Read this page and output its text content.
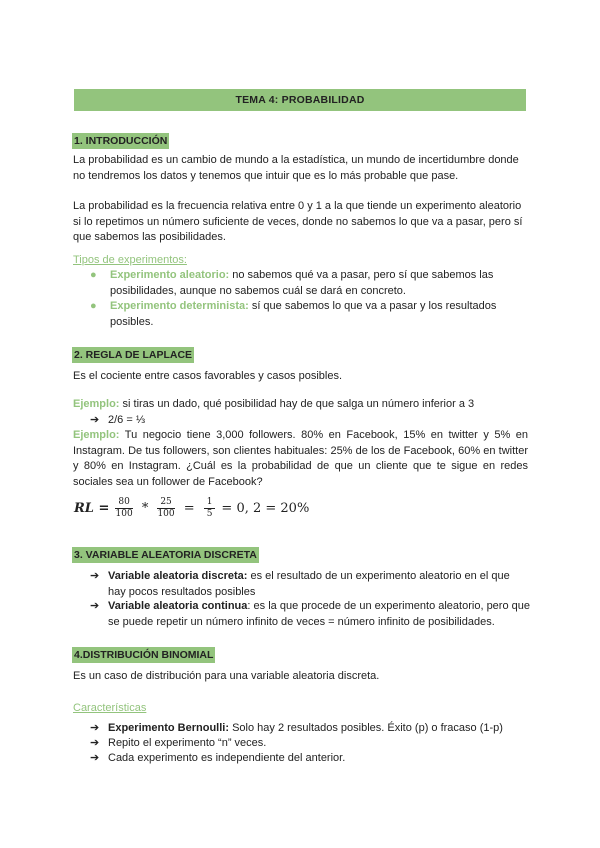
TEMA 4: PROBABILIDAD
1. INTRODUCCIÓN
La probabilidad es un cambio de mundo a la estadística, un mundo de incertidumbre donde no tendremos los datos y tenemos que intuir que es lo más probable que pase.
La probabilidad es la frecuencia relativa entre 0 y 1 a la que tiende un experimento aleatorio si lo repetimos un número suficiente de veces, donde no sabemos lo que va a pasar, pero sí que sabemos las posibilidades.
Tipos de experimentos:
●	Experimento aleatorio: no sabemos qué va a pasar, pero sí que sabemos las posibilidades, aunque no sabemos cuál se dará en concreto.
●	Experimento determinista: sí que sabemos lo que va a pasar y los resultados posibles.
2. REGLA DE LAPLACE
Es el cociente entre casos favorables y casos posibles.
Ejemplo: si tiras un dado, qué posibilidad hay de que salga un número inferior a 3
➔ 2/6 = ⅓
Ejemplo: Tu negocio tiene 3,000 followers. 80% en Facebook, 15% en twitter y 5% en Instagram. De tus followers, son clientes habituales: 25% de los de Facebook, 60% en twitter y 80% en Instagram. ¿Cuál es la probabilidad de que un cliente que te sigue en redes sociales sea un follower de Facebook?
RL = $\frac{80}{100} * \frac{25}{100} = \frac{1}{5} = 0$, 2 = 20%
3. VARIABLE ALEATORIA DISCRETA
➔ Variable aleatoria discreta: es el resultado de un experimento aleatorio en el que hay pocos resultados posibles
➔ Variable aleatoria continua: es la que procede de un experimento aleatorio, pero que se puede repetir un número infinito de veces = número infinito de posibilidades.
4.DISTRIBUCIÓN BINOMIAL
Es un caso de distribución para una variable aleatoria discreta.
Características
➔ Experimento Bernoulli: Solo hay 2 resultados posibles. Éxito (p) o fracaso (1-p)
➔ Repito el experimento “n” veces.
➔ Cada experimento es independiente del anterior.
